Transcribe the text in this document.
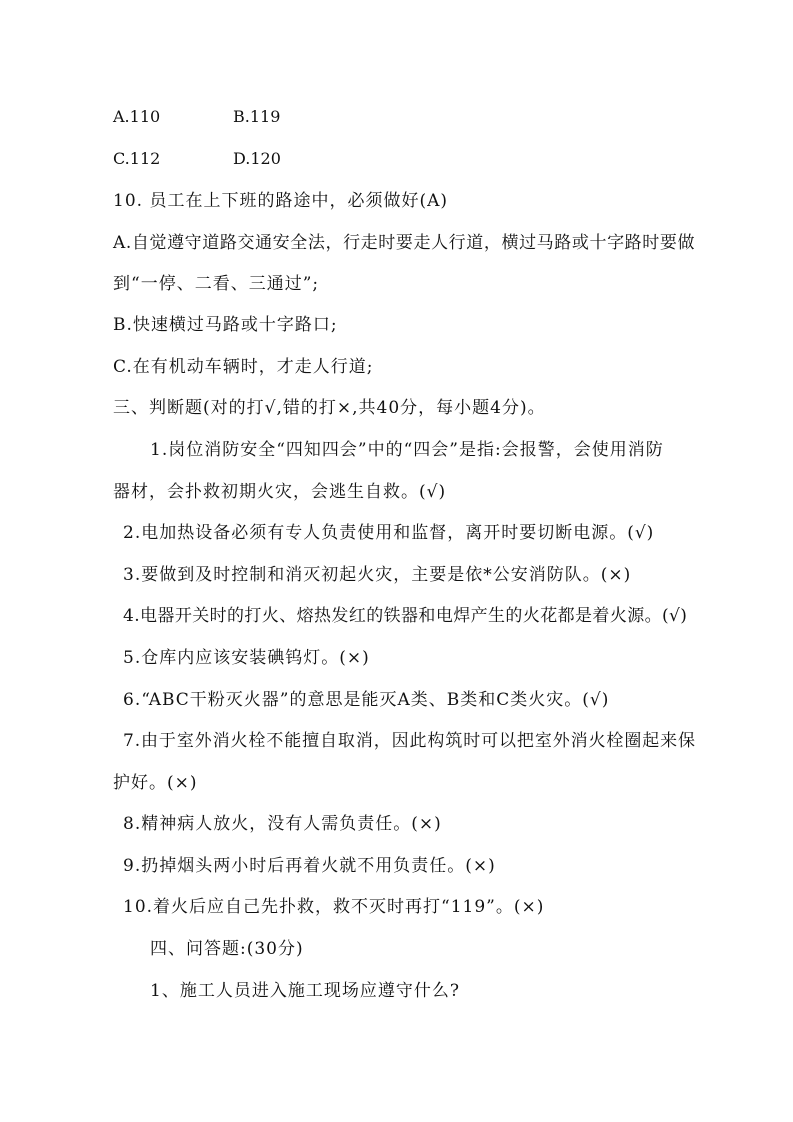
A.110	B.119
C.112	D.120
10. 员工在上下班的路途中，必须做好(A)
A.自觉遵守道路交通安全法，行走时要走人行道，横过马路或十字路时要做
到“一停、二看、三通过”;
B.快速横过马路或十字路口;
C.在有机动车辆时，才走人行道;
三、判断题(对的打√,错的打×,共40分，每小题4分)。
1.岗位消防安全“四知四会”中的“四会”是指:会报警，会使用消防
器材，会扑救初期火灾，会逃生自救。(√)
2.电加热设备必须有专人负责使用和监督，离开时要切断电源。(√)
3.要做到及时控制和消灭初起火灾，主要是依*公安消防队。(×)
4.电器开关时的打火、熔热发红的铁器和电焊产生的火花都是着火源。(√)
5.仓库内应该安装碘钨灯。(×)
6.“ABC干粉灭火器”的意思是能灭A类、B类和C类火灾。(√)
7.由于室外消火栓不能擅自取消，因此构筑时可以把室外消火栓圈起来保
护好。(×)
8.精神病人放火，没有人需负责任。(×)
9.扔掉烟头两小时后再着火就不用负责任。(×)
10.着火后应自己先扑救，救不灭时再打“119”。(×)
四、问答题:(30分)
1、施工人员进入施工现场应遵守什么?
